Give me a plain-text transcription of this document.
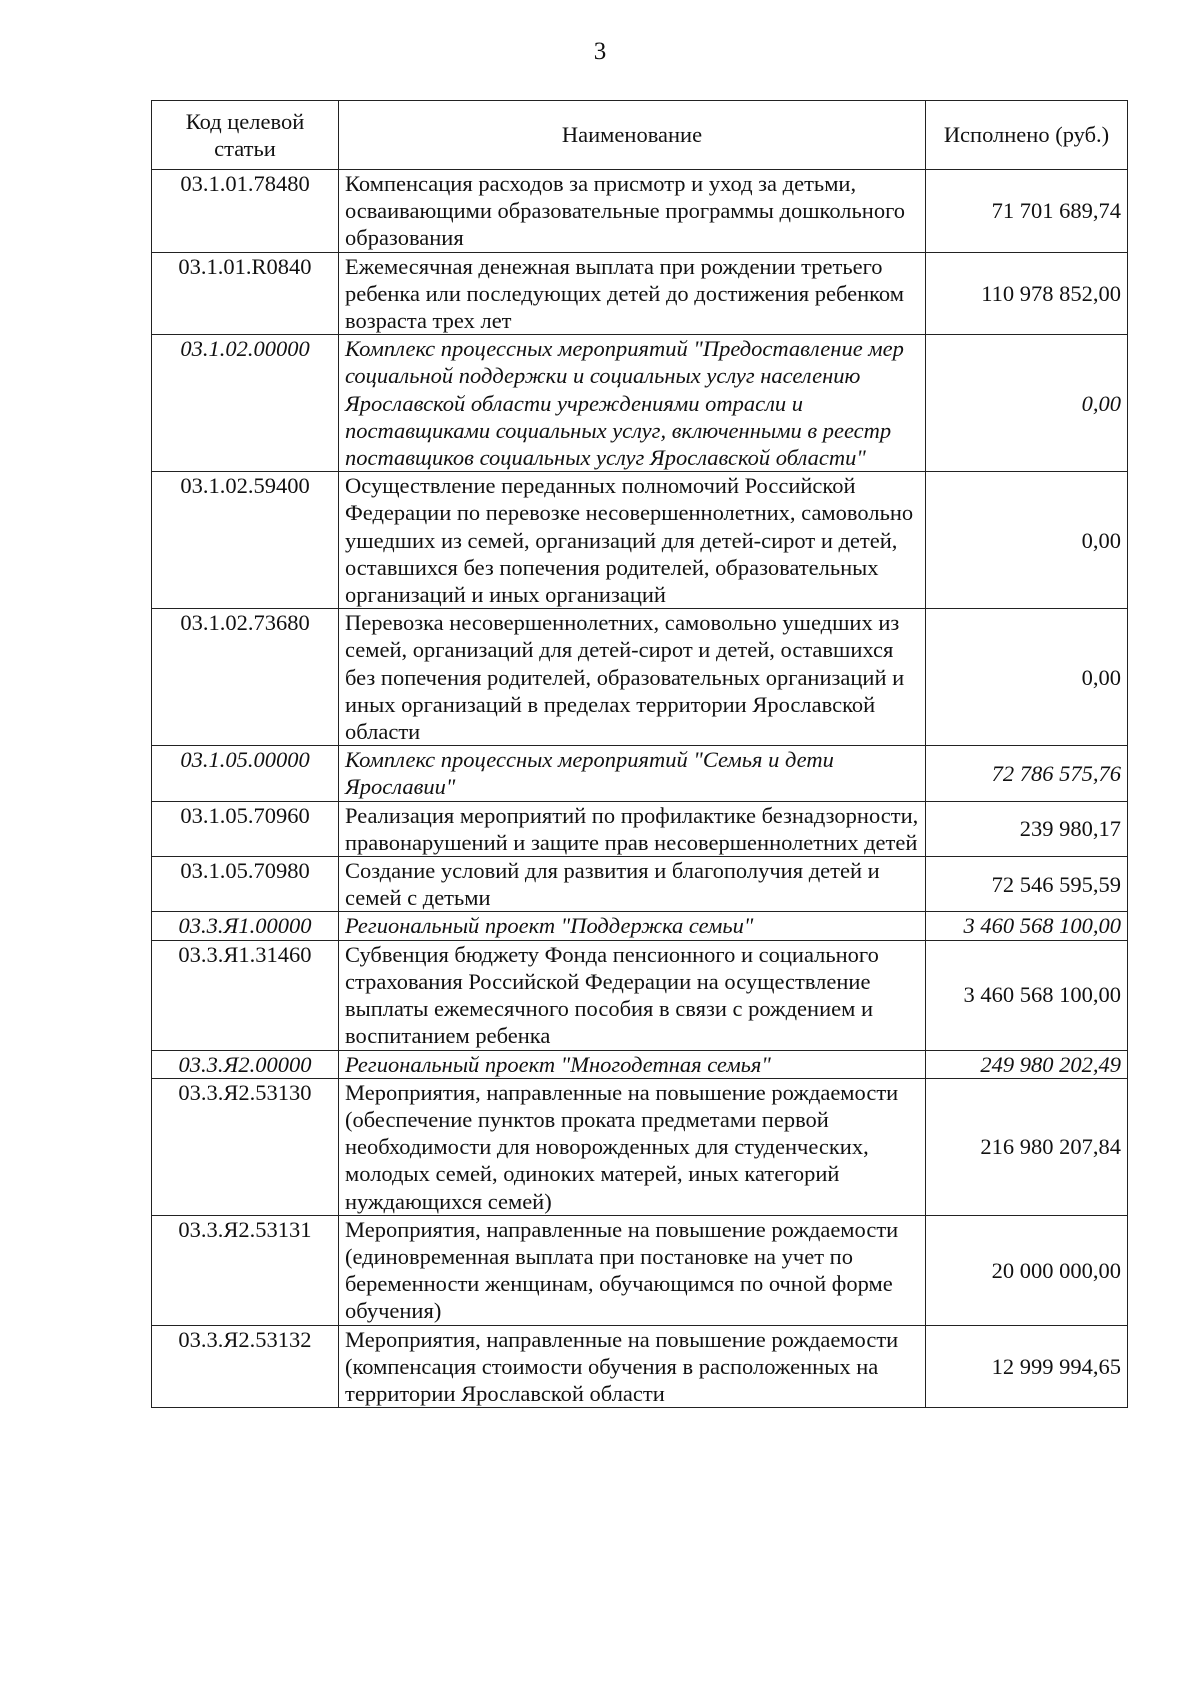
3
Код целевой статьи	Наименование	Исполнено (руб.)
03.1.01.78480	Компенсация расходов за присмотр и уход за детьми, осваивающими образовательные программы дошкольного образования	71 701 689,74
03.1.01.R0840	Ежемесячная денежная выплата при рождении третьего ребенка или последующих детей до достижения ребенком возраста трех лет	110 978 852,00
03.1.02.00000	Комплекс процессных мероприятий "Предоставление мер социальной поддержки и социальных услуг населению Ярославской области учреждениями отрасли и поставщиками социальных услуг, включенными в реестр поставщиков социальных услуг Ярославской области"	0,00
03.1.02.59400	Осуществление переданных полномочий Российской Федерации по перевозке несовершеннолетних, самовольно ушедших из семей, организаций для детей-сирот и детей, оставшихся без попечения родителей, образовательных организаций и иных организаций	0,00
03.1.02.73680	Перевозка несовершеннолетних, самовольно ушедших из семей, организаций для детей-сирот и детей, оставшихся без попечения родителей, образовательных организаций и иных организаций в пределах территории Ярославской области	0,00
03.1.05.00000	Комплекс процессных мероприятий "Семья и дети Ярославии"	72 786 575,76
03.1.05.70960	Реализация мероприятий по профилактике безнадзорности, правонарушений и защите прав несовершеннолетних детей	239 980,17
03.1.05.70980	Создание условий для развития и благополучия детей и семей с детьми	72 546 595,59
03.3.Я1.00000	Региональный проект "Поддержка семьи"	3 460 568 100,00
03.3.Я1.31460	Субвенция бюджету Фонда пенсионного и социального страхования Российской Федерации на осуществление выплаты ежемесячного пособия в связи с рождением и воспитанием ребенка	3 460 568 100,00
03.3.Я2.00000	Региональный проект "Многодетная семья"	249 980 202,49
03.3.Я2.53130	Мероприятия, направленные на повышение рождаемости (обеспечение пунктов проката предметами первой необходимости для новорожденных для студенческих, молодых семей, одиноких матерей, иных категорий нуждающихся семей)	216 980 207,84
03.3.Я2.53131	Мероприятия, направленные на повышение рождаемости (единовременная выплата при постановке на учет по беременности женщинам, обучающимся по очной форме обучения)	20 000 000,00
03.3.Я2.53132	Мероприятия, направленные на повышение рождаемости (компенсация стоимости обучения в расположенных на территории Ярославской области	12 999 994,65
